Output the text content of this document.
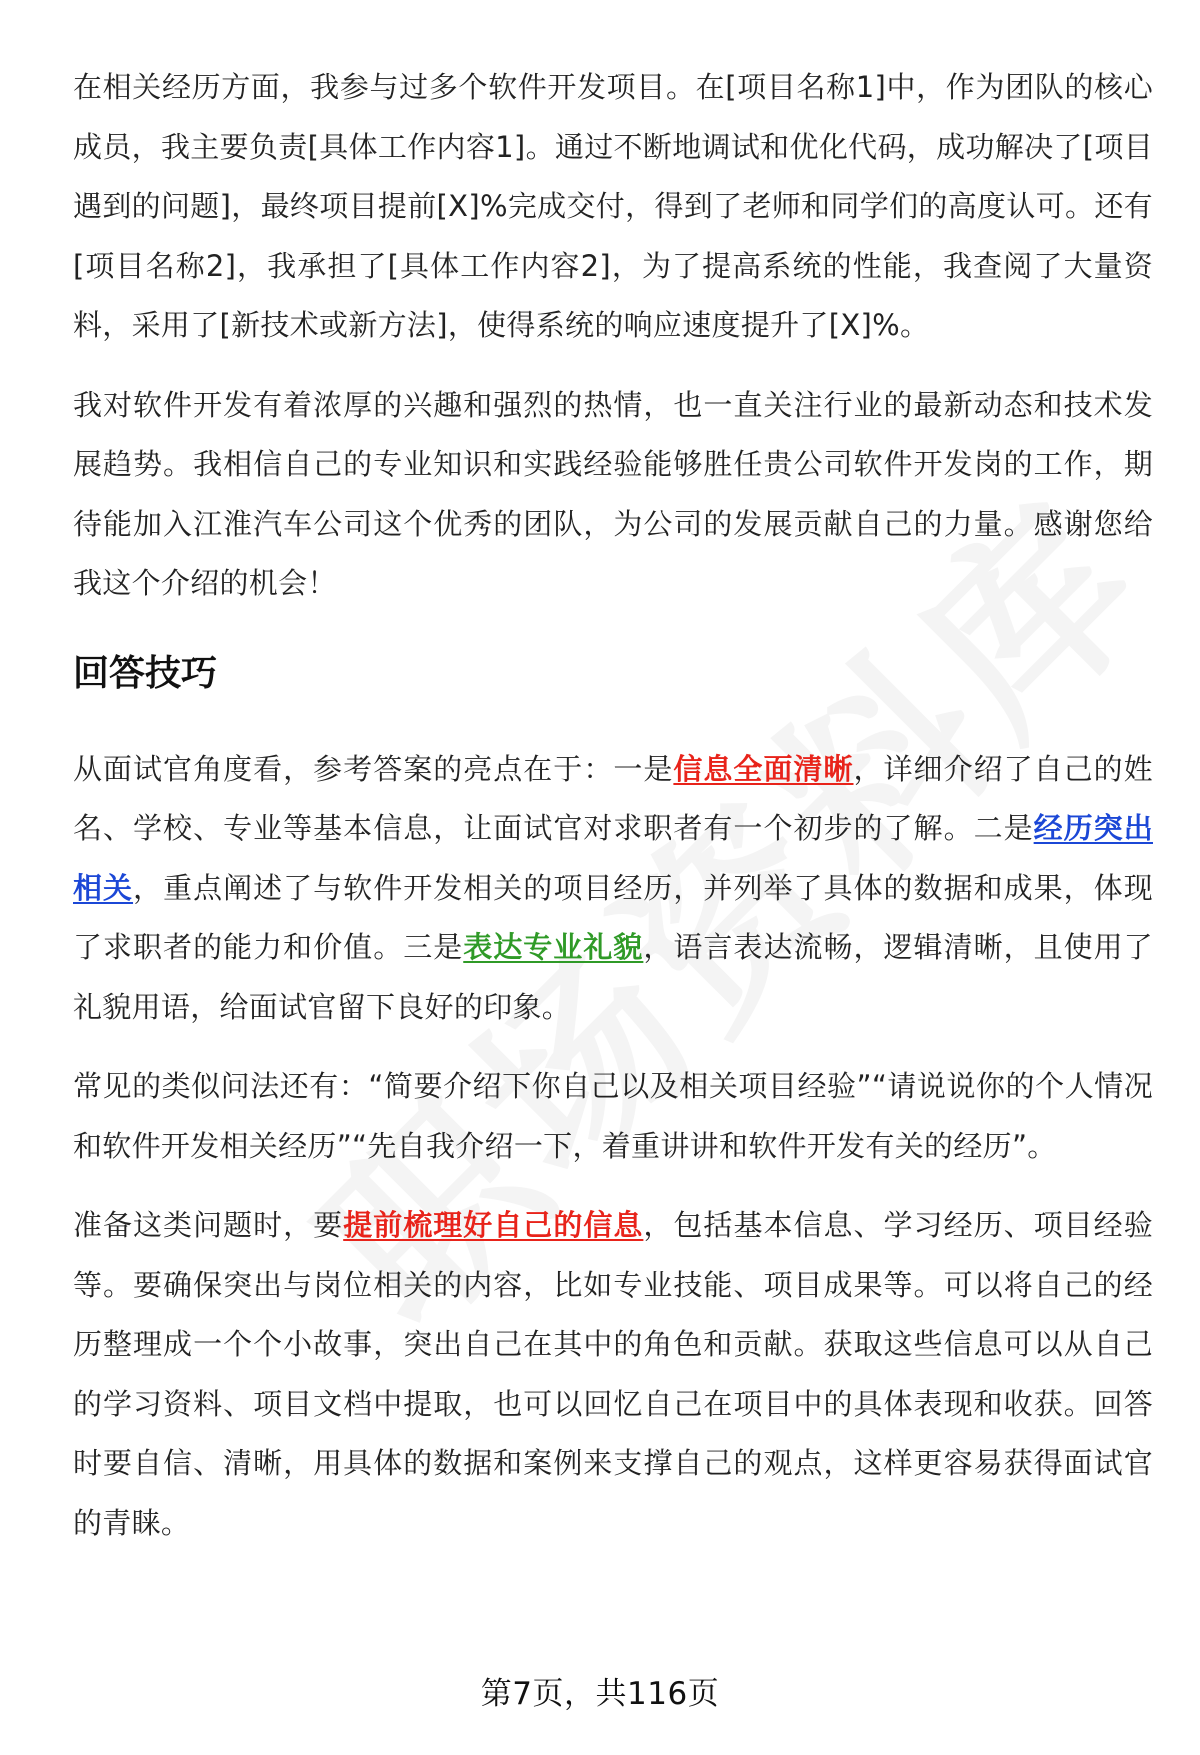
在相关经历方面，我参与过多个软件开发项目。在[项目名称1]中，作为团队的核心成员，我主要负责[具体工作内容1]。通过不断地调试和优化代码，成功解决了[项目遇到的问题]，最终项目提前[X]%完成交付，得到了老师和同学们的高度认可。还有[项目名称2]，我承担了[具体工作内容2]，为了提高系统的性能，我查阅了大量资料，采用了[新技术或新方法]，使得系统的响应速度提升了[X]%。

我对软件开发有着浓厚的兴趣和强烈的热情，也一直关注行业的最新动态和技术发展趋势。我相信自己的专业知识和实践经验能够胜任贵公司软件开发岗的工作，期待能加入江淮汽车公司这个优秀的团队，为公司的发展贡献自己的力量。感谢您给我这个介绍的机会！

回答技巧

从面试官角度看，参考答案的亮点在于：一是信息全面清晰，详细介绍了自己的姓名、学校、专业等基本信息，让面试官对求职者有一个初步的了解。二是经历突出相关，重点阐述了与软件开发相关的项目经历，并列举了具体的数据和成果，体现了求职者的能力和价值。三是表达专业礼貌，语言表达流畅，逻辑清晰，且使用了礼貌用语，给面试官留下良好的印象。

常见的类似问法还有：“简要介绍下你自己以及相关项目经验”“请说说你的个人情况和软件开发相关经历”“先自我介绍一下，着重讲讲和软件开发有关的经历”。

准备这类问题时，要提前梳理好自己的信息，包括基本信息、学习经历、项目经验等。要确保突出与岗位相关的内容，比如专业技能、项目成果等。可以将自己的经历整理成一个个小故事，突出自己在其中的角色和贡献。获取这些信息可以从自己的学习资料、项目文档中提取，也可以回忆自己在项目中的具体表现和收获。回答时要自信、清晰，用具体的数据和案例来支撑自己的观点，这样更容易获得面试官的青睐。

第7页，共116页
